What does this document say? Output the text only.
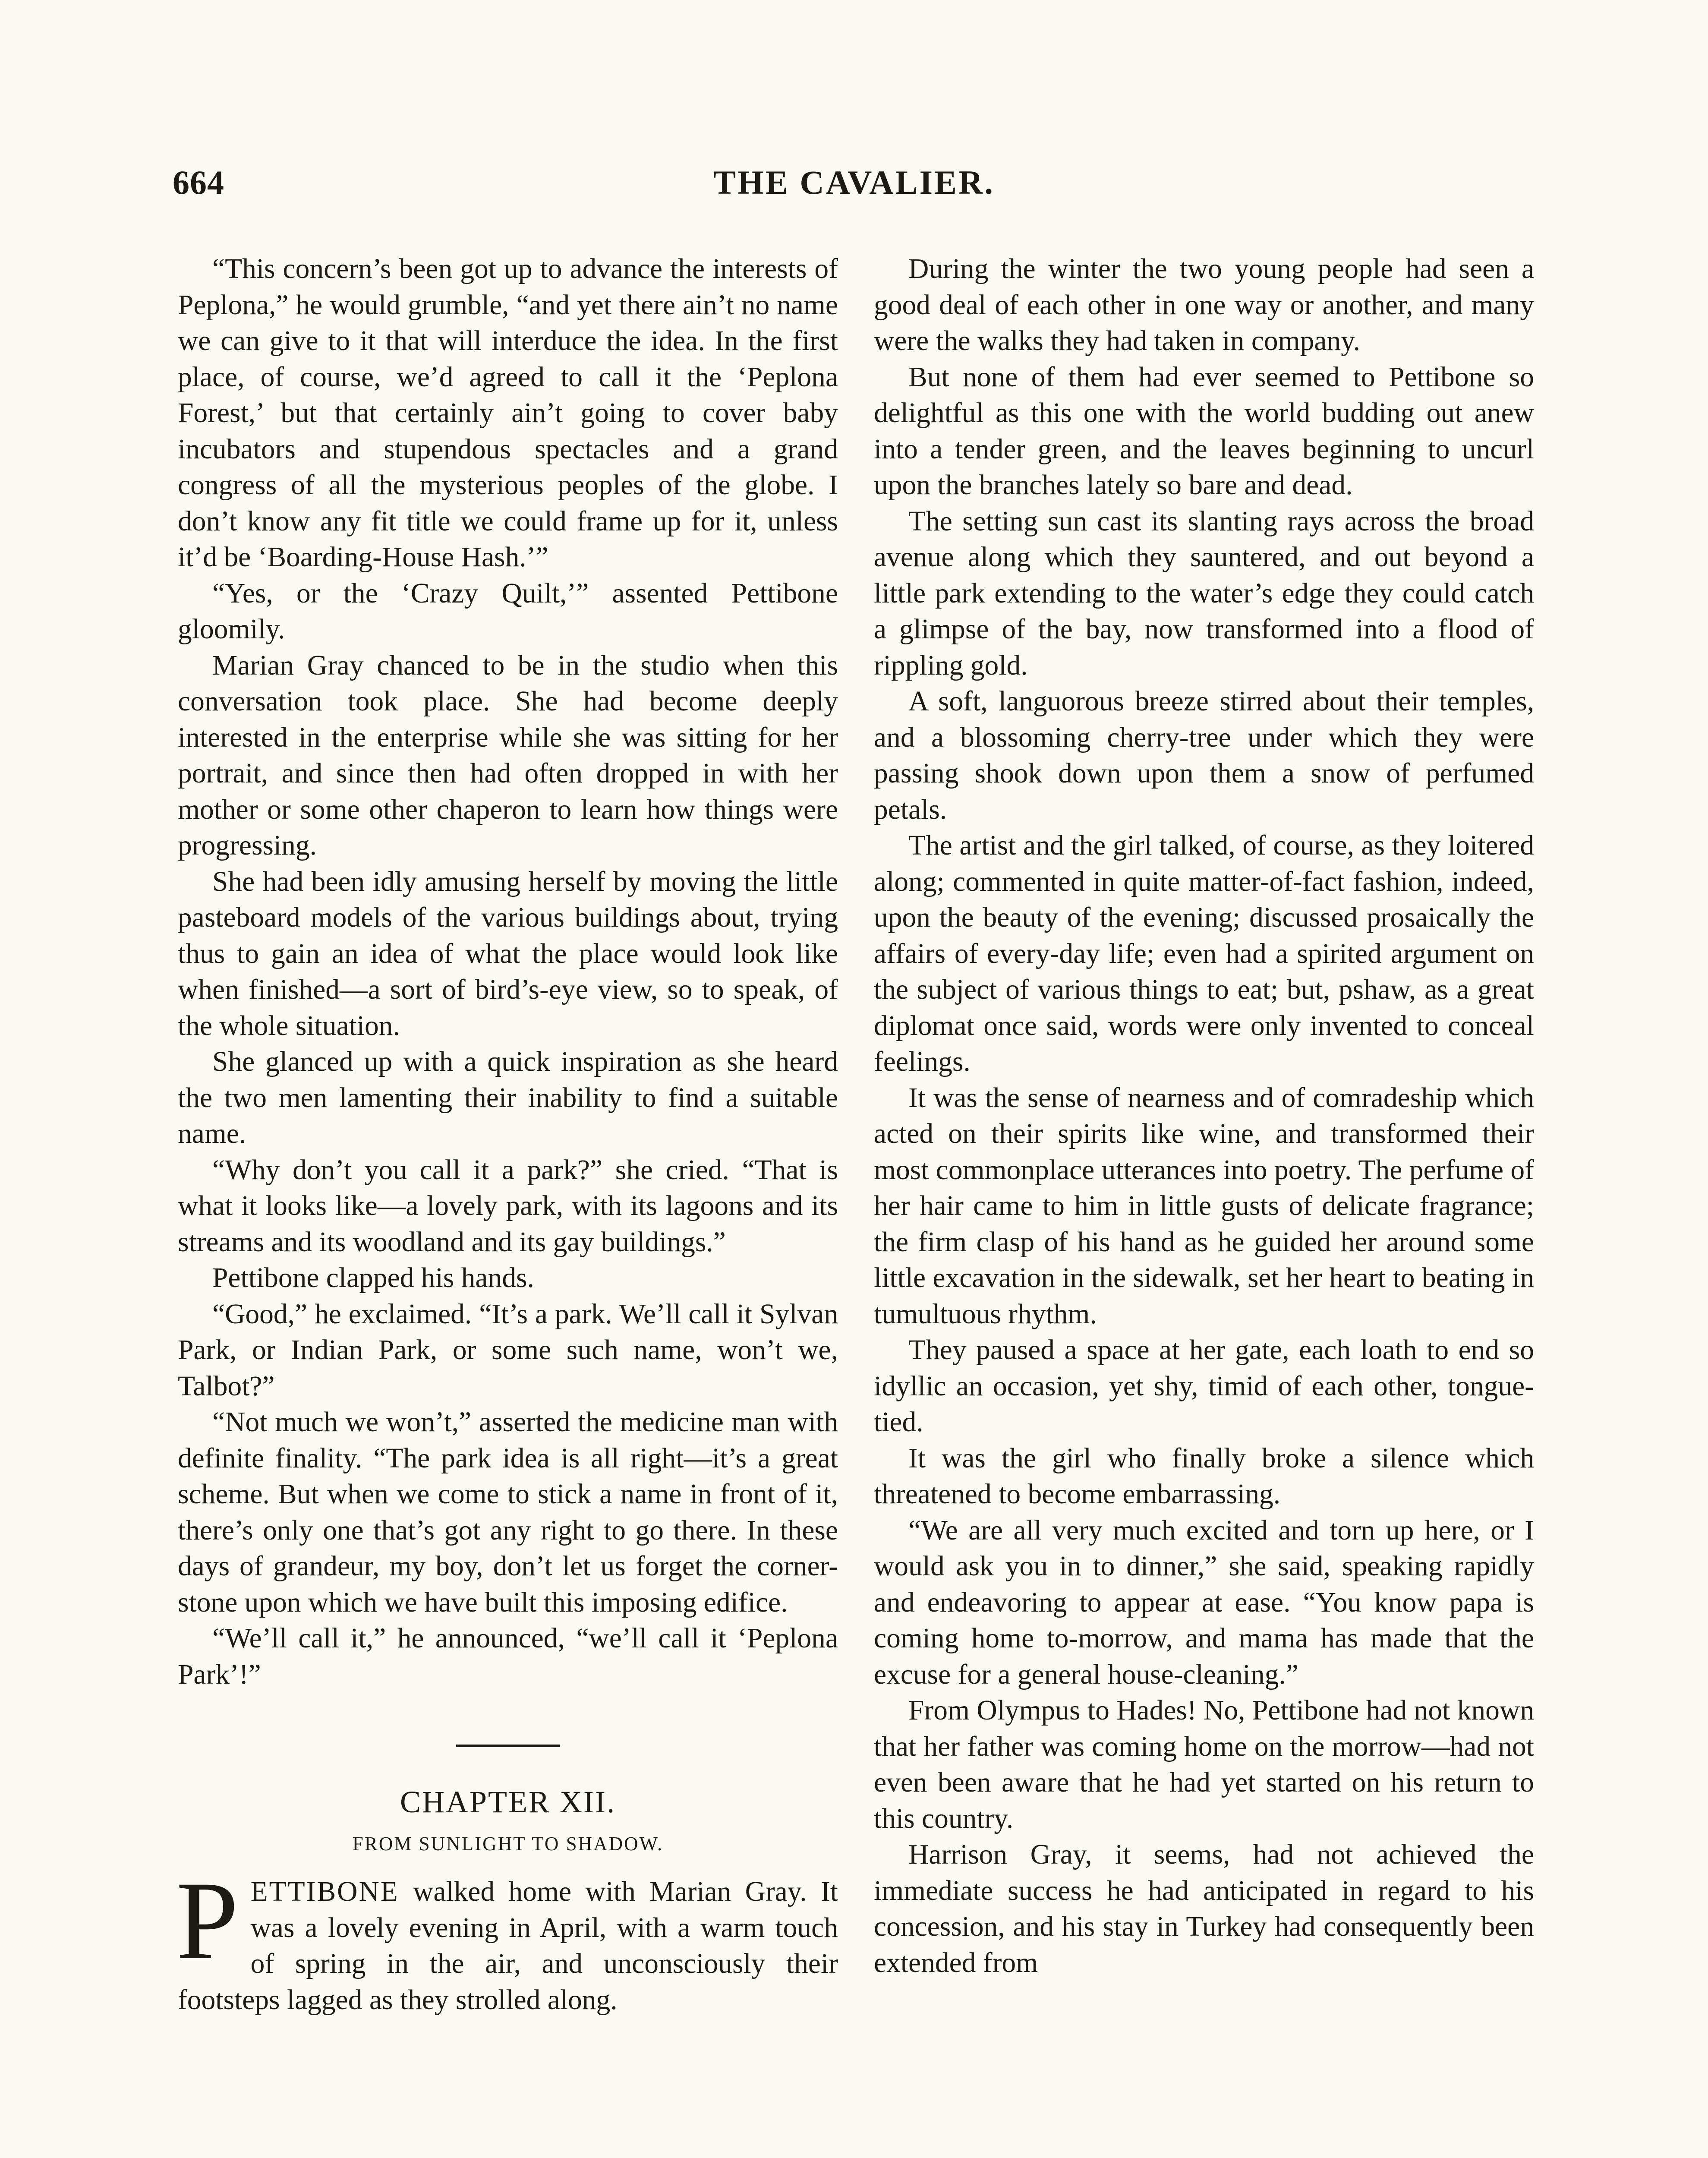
664	THE CAVALIER.

“This concern’s been got up to advance the interests of Peplona,” he would grumble, “and yet there ain’t no name we can give to it that will interduce the idea. In the first place, of course, we’d agreed to call it the ‘Peplona Forest,’ but that certainly ain’t going to cover baby incubators and stupendous spectacles and a grand congress of all the mysterious peoples of the globe. I don’t know any fit title we could frame up for it, unless it’d be ‘Boarding-House Hash.’”

“Yes, or the ‘Crazy Quilt,’” assented Pettibone gloomily.

Marian Gray chanced to be in the studio when this conversation took place. She had become deeply interested in the enterprise while she was sitting for her portrait, and since then had often dropped in with her mother or some other chaperon to learn how things were progressing.

She had been idly amusing herself by moving the little pasteboard models of the various buildings about, trying thus to gain an idea of what the place would look like when finished—a sort of bird’s-eye view, so to speak, of the whole situation.

She glanced up with a quick inspiration as she heard the two men lamenting their inability to find a suitable name.

“Why don’t you call it a park?” she cried. “That is what it looks like—a lovely park, with its lagoons and its streams and its woodland and its gay buildings.”

Pettibone clapped his hands.

“Good,” he exclaimed. “It’s a park. We’ll call it Sylvan Park, or Indian Park, or some such name, won’t we, Talbot?”

“Not much we won’t,” asserted the medicine man with definite finality. “The park idea is all right—it’s a great scheme. But when we come to stick a name in front of it, there’s only one that’s got any right to go there. In these days of grandeur, my boy, don’t let us forget the corner-stone upon which we have built this imposing edifice.

“We’ll call it,” he announced, “we’ll call it ‘Peplona Park’!”

CHAPTER XII.
FROM SUNLIGHT TO SHADOW.

PETTIBONE walked home with Marian Gray. It was a lovely evening in April, with a warm touch of spring in the air, and unconsciously their footsteps lagged as they strolled along.

During the winter the two young people had seen a good deal of each other in one way or another, and many were the walks they had taken in company.

But none of them had ever seemed to Pettibone so delightful as this one with the world budding out anew into a tender green, and the leaves beginning to uncurl upon the branches lately so bare and dead.

The setting sun cast its slanting rays across the broad avenue along which they sauntered, and out beyond a little park extending to the water’s edge they could catch a glimpse of the bay, now transformed into a flood of rippling gold.

A soft, languorous breeze stirred about their temples, and a blossoming cherry-tree under which they were passing shook down upon them a snow of perfumed petals.

The artist and the girl talked, of course, as they loitered along; commented in quite matter-of-fact fashion, indeed, upon the beauty of the evening; discussed prosaically the affairs of every-day life; even had a spirited argument on the subject of various things to eat; but, pshaw, as a great diplomat once said, words were only invented to conceal feelings.

It was the sense of nearness and of comradeship which acted on their spirits like wine, and transformed their most commonplace utterances into poetry. The perfume of her hair came to him in little gusts of delicate fragrance; the firm clasp of his hand as he guided her around some little excavation in the sidewalk, set her heart to beating in tumultuous rhythm.

They paused a space at her gate, each loath to end so idyllic an occasion, yet shy, timid of each other, tongue-tied.

It was the girl who finally broke a silence which threatened to become embarrassing.

“We are all very much excited and torn up here, or I would ask you in to dinner,” she said, speaking rapidly and endeavoring to appear at ease. “You know papa is coming home to-morrow, and mama has made that the excuse for a general house-cleaning.”

From Olympus to Hades! No, Pettibone had not known that her father was coming home on the morrow—had not even been aware that he had yet started on his return to this country.

Harrison Gray, it seems, had not achieved the immediate success he had anticipated in regard to his concession, and his stay in Turkey had consequently been extended from
